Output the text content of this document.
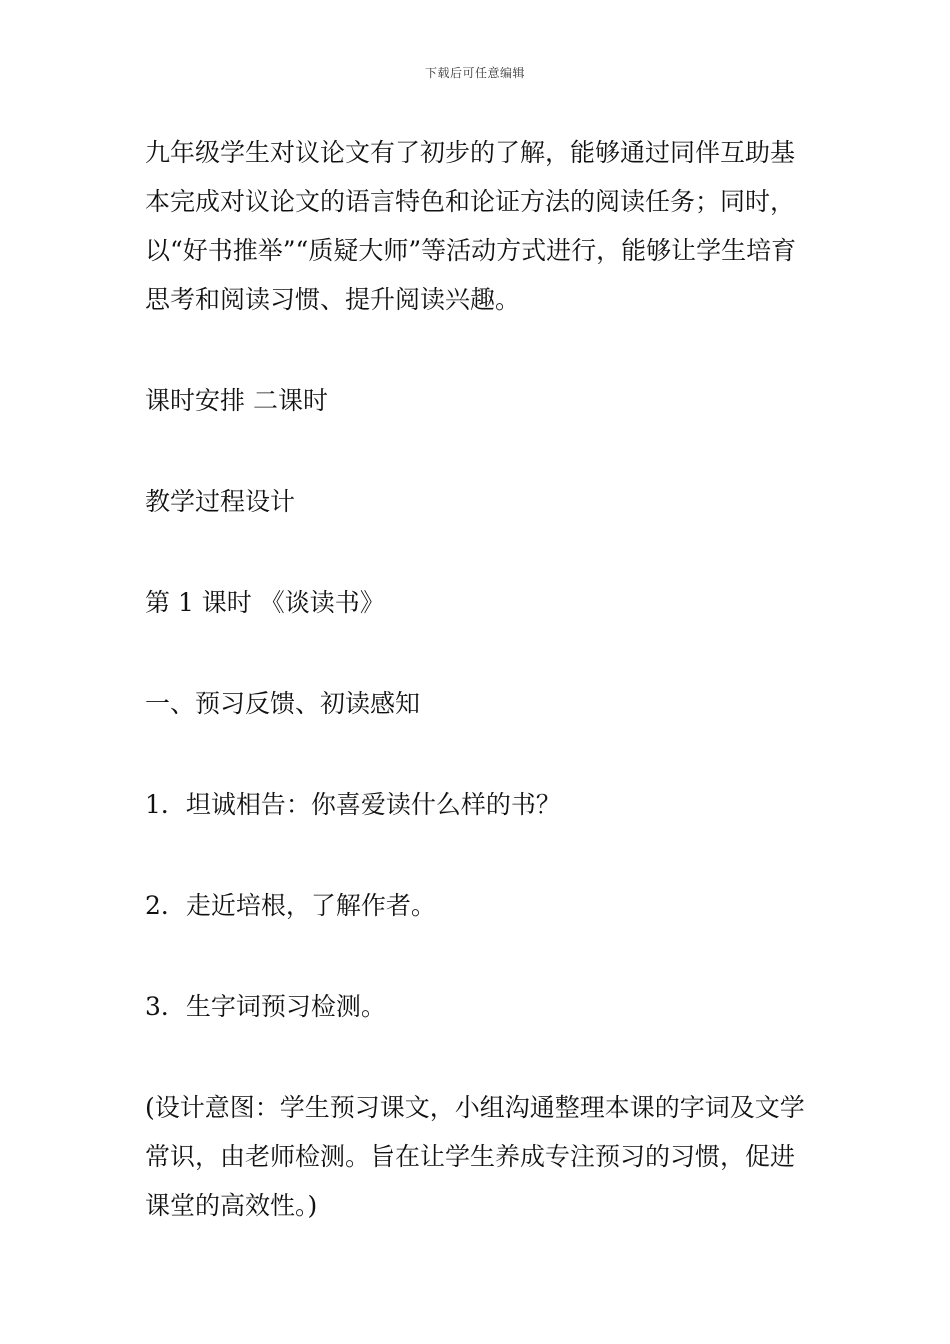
下载后可任意编辑

九年级学生对议论文有了初步的了解，能够通过同伴互助基本完成对议论文的语言特色和论证方法的阅读任务；同时，以“好书推举”“质疑大师”等活动方式进行，能够让学生培育思考和阅读习惯、提升阅读兴趣。

课时安排 二课时

教学过程设计

第 1 课时 《谈读书》

一、预习反馈、初读感知

1．坦诚相告：你喜爱读什么样的书？

2．走近培根，了解作者。

3．生字词预习检测。

(设计意图：学生预习课文，小组沟通整理本课的字词及文学常识，由老师检测。旨在让学生养成专注预习的习惯，促进课堂的高效性。)
